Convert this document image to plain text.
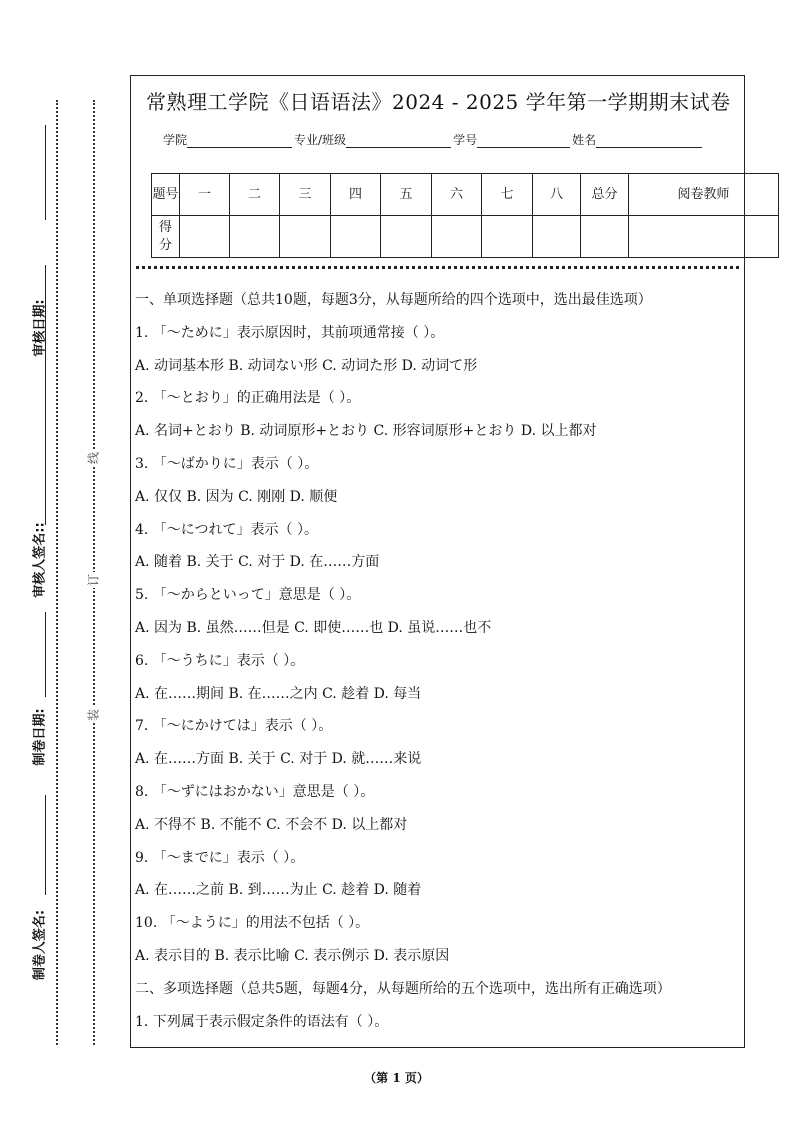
审核日期:
审核人签名::
制卷日期:
制卷人签名:
线
订
装
常熟理工学院《日语语法》2024 - 2025 学年第一学期期末试卷
学院	专业/班级	学号	姓名
题号	一	二	三	四	五	六	七	八	总分	阅卷教师
得分										
一、单项选择题（总共10题，每题3分，从每题所给的四个选项中，选出最佳选项）
1. 「～ために」表示原因时，其前项通常接（ ）。
A. 动词基本形 B. 动词ない形 C. 动词た形 D. 动词て形
2. 「～とおり」的正确用法是（ ）。
A. 名词+とおり B. 动词原形+とおり C. 形容词原形+とおり D. 以上都对
3. 「～ばかりに」表示（ ）。
A. 仅仅 B. 因为 C. 刚刚 D. 顺便
4. 「～につれて」表示（ ）。
A. 随着 B. 关于 C. 对于 D. 在……方面
5. 「～からといって」意思是（ ）。
A. 因为 B. 虽然……但是 C. 即使……也 D. 虽说……也不
6. 「～うちに」表示（ ）。
A. 在……期间 B. 在……之内 C. 趁着 D. 每当
7. 「～にかけては」表示（ ）。
A. 在……方面 B. 关于 C. 对于 D. 就……来说
8. 「～ずにはおかない」意思是（ ）。
A. 不得不 B. 不能不 C. 不会不 D. 以上都对
9. 「～までに」表示（ ）。
A. 在……之前 B. 到……为止 C. 趁着 D. 随着
10. 「～ように」的用法不包括（ ）。
A. 表示目的 B. 表示比喻 C. 表示例示 D. 表示原因
二、多项选择题（总共5题，每题4分，从每题所给的五个选项中，选出所有正确选项）
1. 下列属于表示假定条件的语法有（ ）。
（第 1 页）
